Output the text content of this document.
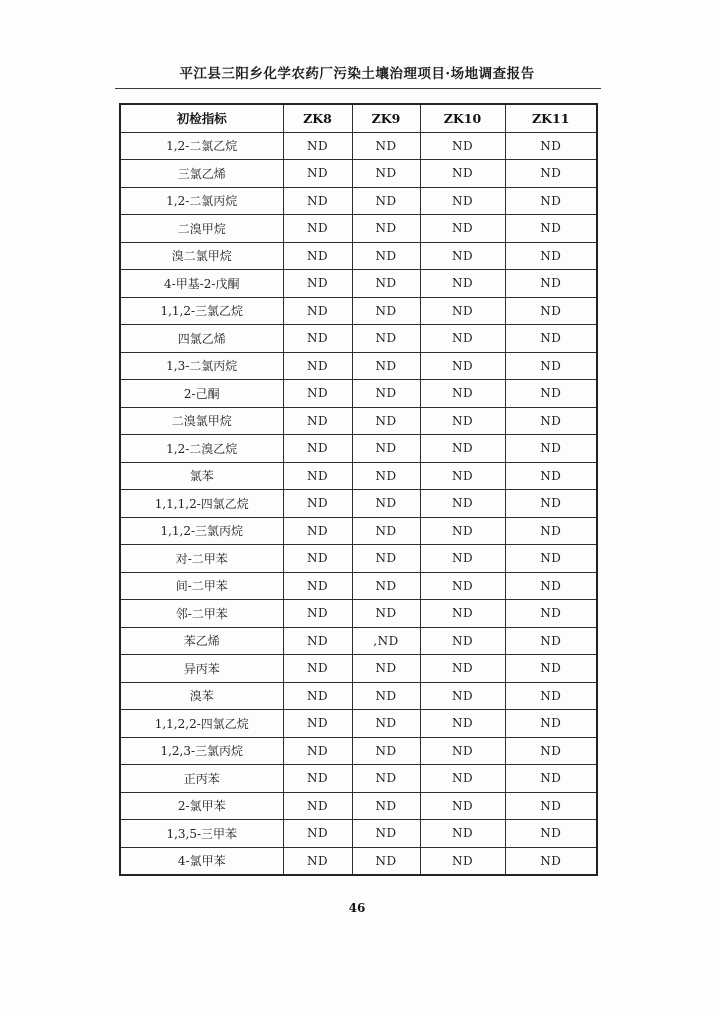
平江县三阳乡化学农药厂污染土壤治理项目·场地调查报告
初检指标	ZK8	ZK9	ZK10	ZK11
1,2-二氯乙烷	ND	ND	ND	ND
三氯乙烯	ND	ND	ND	ND
1,2-二氯丙烷	ND	ND	ND	ND
二溴甲烷	ND	ND	ND	ND
溴二氯甲烷	ND	ND	ND	ND
4-甲基-2-戊酮	ND	ND	ND	ND
1,1,2-三氯乙烷	ND	ND	ND	ND
四氯乙烯	ND	ND	ND	ND
1,3-二氯丙烷	ND	ND	ND	ND
2-己酮	ND	ND	ND	ND
二溴氯甲烷	ND	ND	ND	ND
1,2-二溴乙烷	ND	ND	ND	ND
氯苯	ND	ND	ND	ND
1,1,1,2-四氯乙烷	ND	ND	ND	ND
1,1,2-三氯丙烷	ND	ND	ND	ND
对-二甲苯	ND	ND	ND	ND
间-二甲苯	ND	ND	ND	ND
邻-二甲苯	ND	ND	ND	ND
苯乙烯	ND	,ND	ND	ND
异丙苯	ND	ND	ND	ND
溴苯	ND	ND	ND	ND
1,1,2,2-四氯乙烷	ND	ND	ND	ND
1,2,3-三氯丙烷	ND	ND	ND	ND
正丙苯	ND	ND	ND	ND
2-氯甲苯	ND	ND	ND	ND
1,3,5-三甲苯	ND	ND	ND	ND
4-氯甲苯	ND	ND	ND	ND
46
